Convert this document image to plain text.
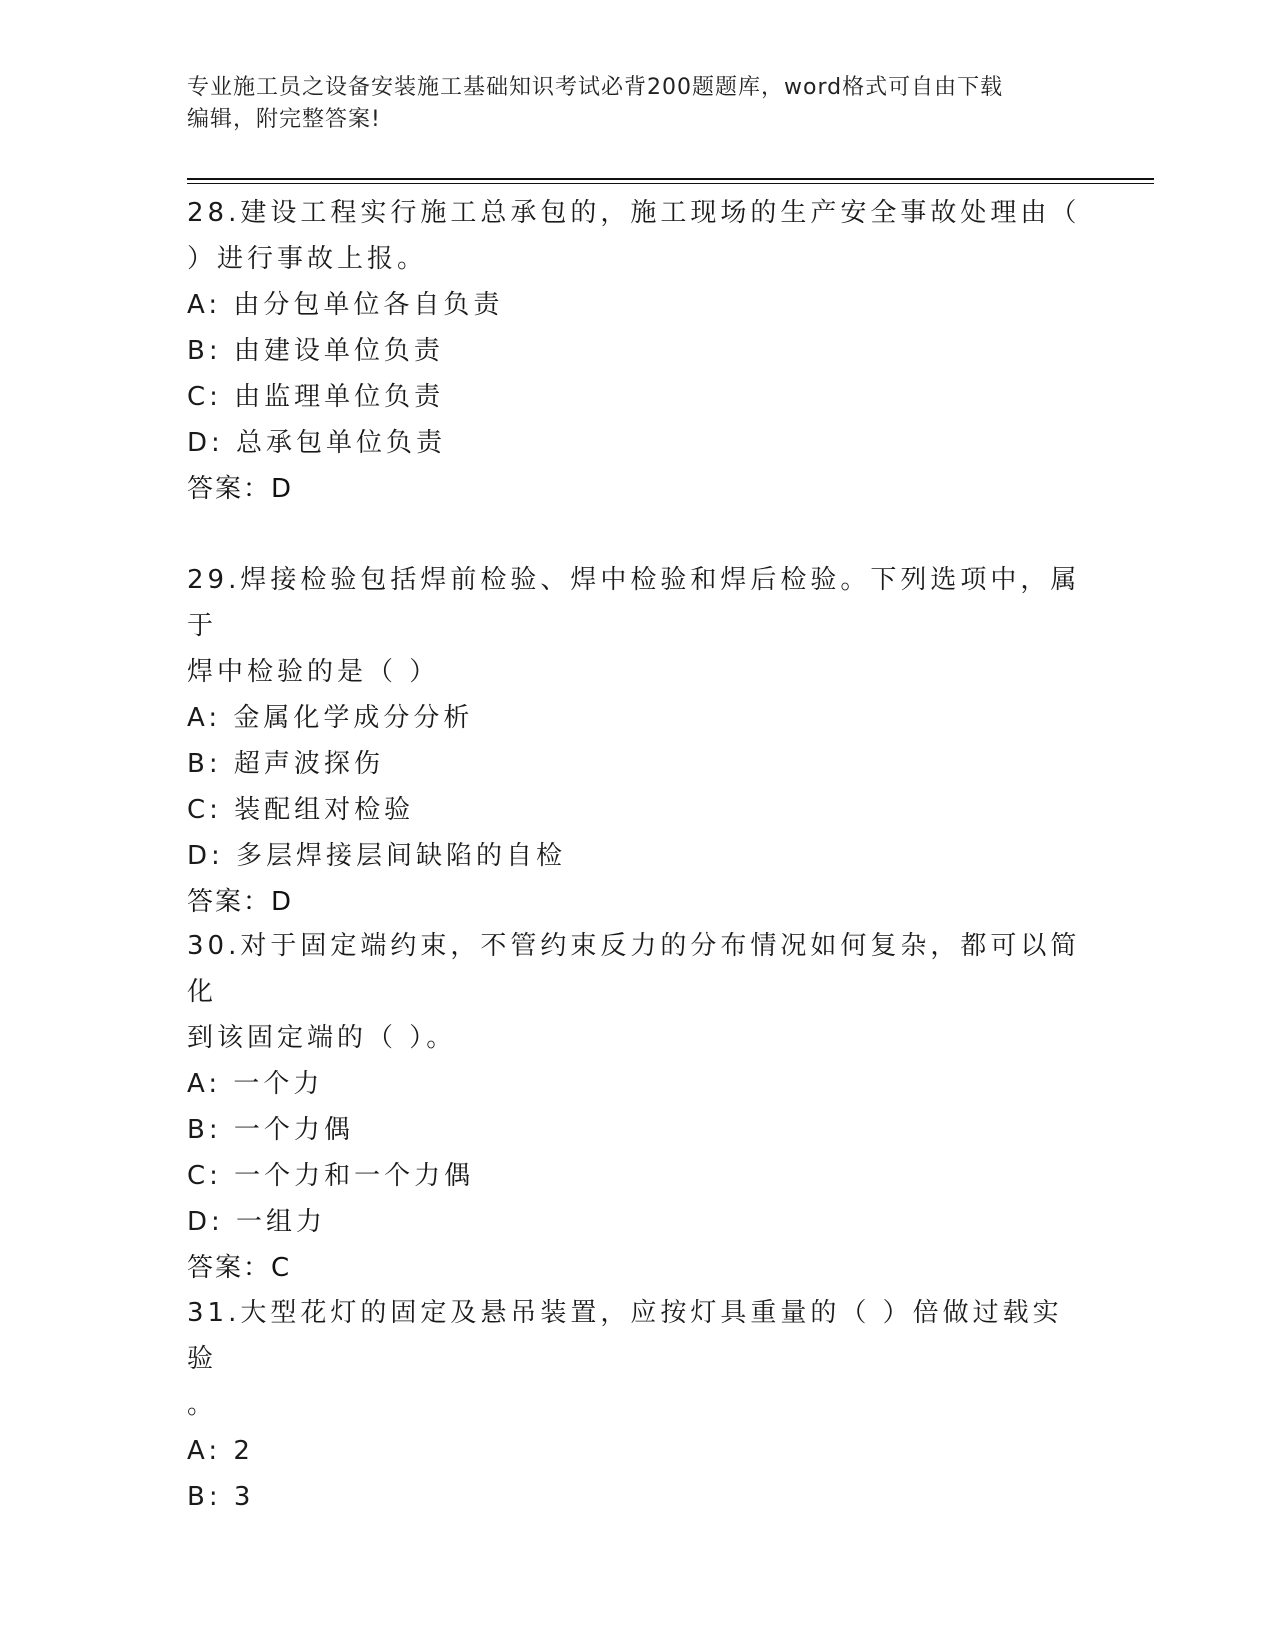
专业施工员之设备安装施工基础知识考试必背200题题库，word格式可自由下载
编辑，附完整答案!
28.建设工程实行施工总承包的，施工现场的生产安全事故处理由（
）进行事故上报。
A: 由分包单位各自负责
B: 由建设单位负责
C: 由监理单位负责
D: 总承包单位负责
答案：D
29.焊接检验包括焊前检验、焊中检验和焊后检验。下列选项中，属于
焊中检验的是（ ）
A: 金属化学成分分析
B: 超声波探伤
C: 装配组对检验
D: 多层焊接层间缺陷的自检
答案：D
30.对于固定端约束，不管约束反力的分布情况如何复杂，都可以简化
到该固定端的（ ）。
A: 一个力
B: 一个力偶
C: 一个力和一个力偶
D: 一组力
答案：C
31.大型花灯的固定及悬吊装置，应按灯具重量的（ ）倍做过载实验
。
A: 2
B: 3
